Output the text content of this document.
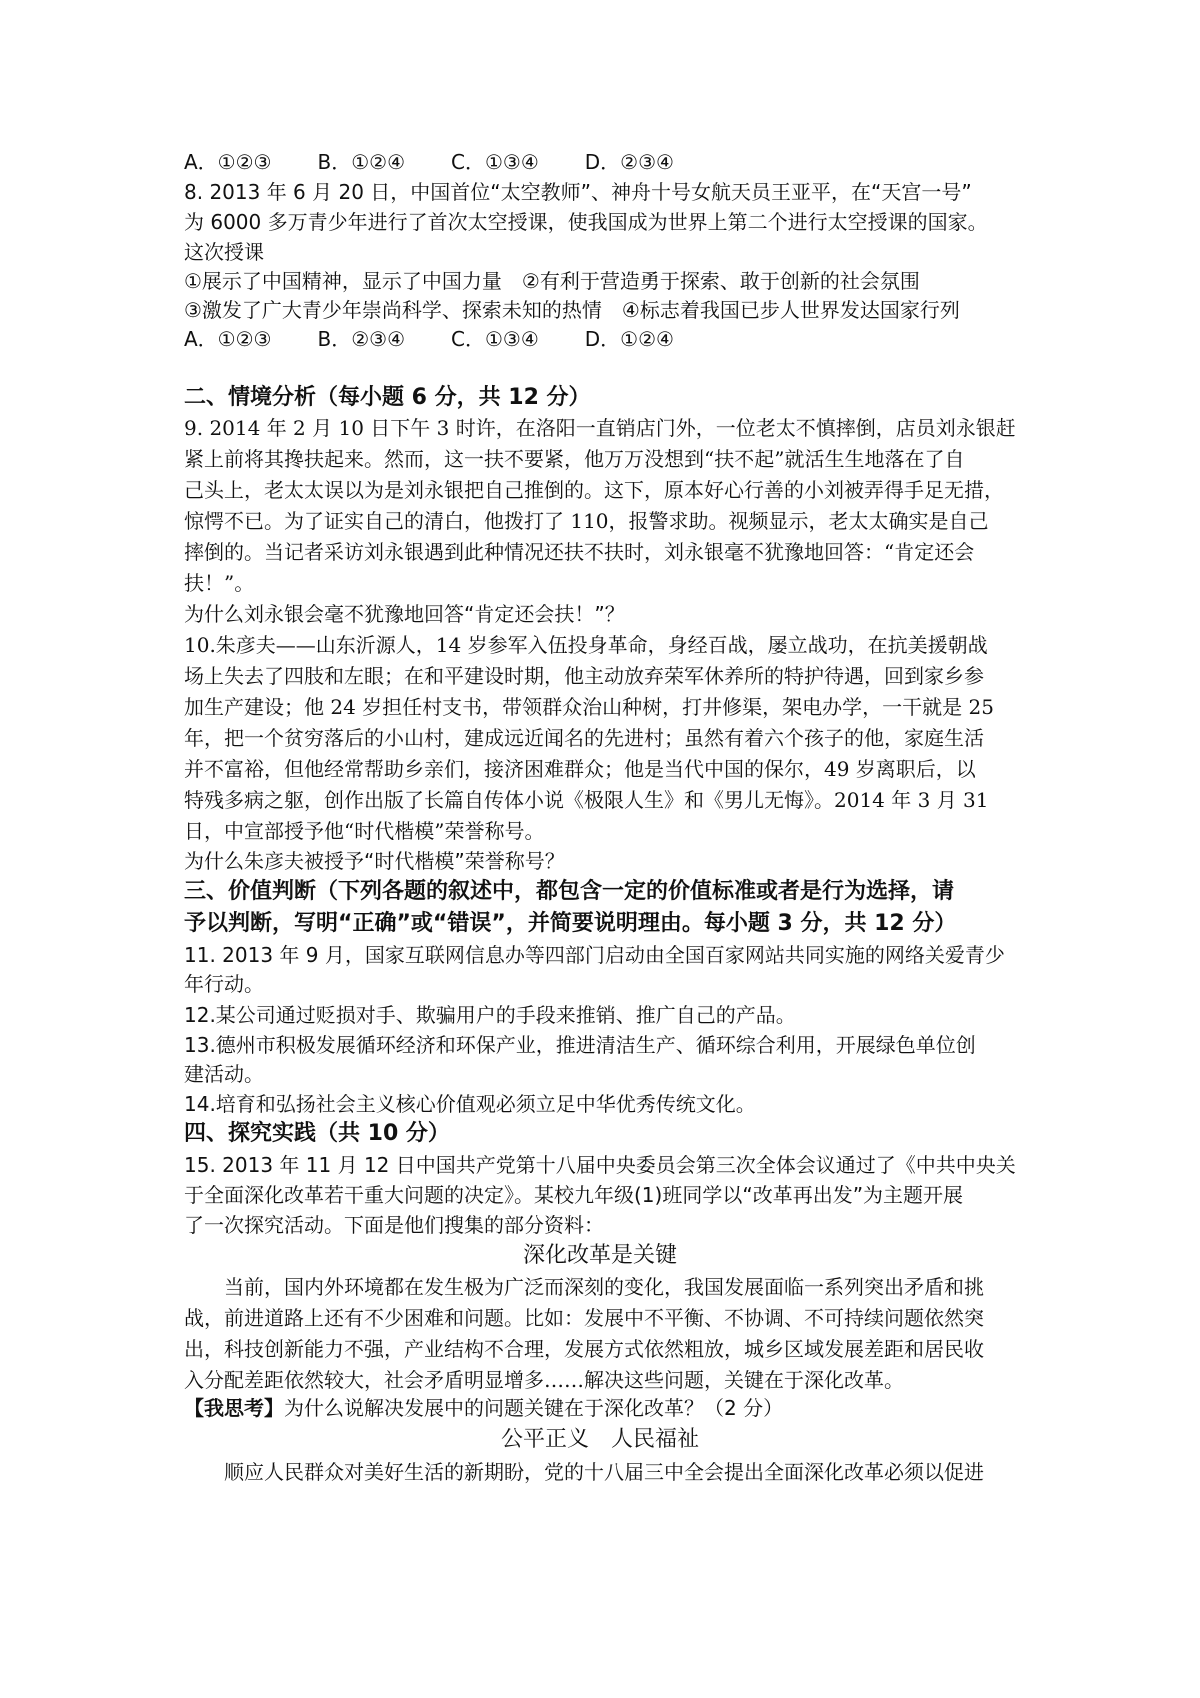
A．①②③ B．①②④ C．①③④ D．②③④
8. 2013 年 6 月 20 日，中国首位“太空教师”、神舟十号女航天员王亚平，在“天宫一号”
为 6000 多万青少年进行了首次太空授课，使我国成为世界上第二个进行太空授课的国家。
这次授课
①展示了中国精神，显示了中国力量　②有利于营造勇于探索、敢于创新的社会氛围
③激发了广大青少年崇尚科学、探索未知的热情　④标志着我国已步人世界发达国家行列
A．①②③ B．②③④ C．①③④ D．①②④
二、情境分析（每小题 6 分，共 12 分）
9. 2014 年 2 月 10 日下午 3 时许，在洛阳一直销店门外，一位老太不慎摔倒，店员刘永银赶
紧上前将其搀扶起来。然而，这一扶不要紧，他万万没想到“扶不起”就活生生地落在了自
己头上，老太太误以为是刘永银把自己推倒的。这下，原本好心行善的小刘被弄得手足无措，
惊愕不已。为了证实自己的清白，他拨打了 110，报警求助。视频显示，老太太确实是自己
摔倒的。当记者采访刘永银遇到此种情况还扶不扶时，刘永银毫不犹豫地回答：“肯定还会
扶！”。
为什么刘永银会毫不犹豫地回答“肯定还会扶！”？
10.朱彦夫——山东沂源人，14 岁参军入伍投身革命，身经百战，屡立战功，在抗美援朝战
场上失去了四肢和左眼；在和平建设时期，他主动放弃荣军休养所的特护待遇，回到家乡参
加生产建设；他 24 岁担任村支书，带领群众治山种树，打井修渠，架电办学，一干就是 25
年，把一个贫穷落后的小山村，建成远近闻名的先进村；虽然有着六个孩子的他，家庭生活
并不富裕，但他经常帮助乡亲们，接济困难群众；他是当代中国的保尔，49 岁离职后，以
特残多病之躯，创作出版了长篇自传体小说《极限人生》和《男儿无悔》。2014 年 3 月 31
日，中宣部授予他“时代楷模”荣誉称号。
为什么朱彦夫被授予“时代楷模”荣誉称号？
三、价值判断（下列各题的叙述中，都包含一定的价值标准或者是行为选择，请
予以判断，写明“正确”或“错误”，并简要说明理由。每小题 3 分，共 12 分）
11. 2013 年 9 月，国家互联网信息办等四部门启动由全国百家网站共同实施的网络关爱青少
年行动。
12.某公司通过贬损对手、欺骗用户的手段来推销、推广自己的产品。
13.德州市积极发展循环经济和环保产业，推进清洁生产、循环综合利用，开展绿色单位创
建活动。
14.培育和弘扬社会主义核心价值观必须立足中华优秀传统文化。
四、探究实践（共 10 分）
15. 2013 年 11 月 12 日中国共产党第十八届中央委员会第三次全体会议通过了《中共中央关
于全面深化改革若干重大问题的决定》。某校九年级(1)班同学以“改革再出发”为主题开展
了一次探究活动。下面是他们搜集的部分资料：
深化改革是关键
当前，国内外环境都在发生极为广泛而深刻的变化，我国发展面临一系列突出矛盾和挑
战，前进道路上还有不少困难和问题。比如：发展中不平衡、不协调、不可持续问题依然突
出，科技创新能力不强，产业结构不合理，发展方式依然粗放，城乡区域发展差距和居民收
入分配差距依然较大，社会矛盾明显增多……解决这些问题，关键在于深化改革。
【我思考】为什么说解决发展中的问题关键在于深化改革？（2 分）
公平正义　人民福祉
顺应人民群众对美好生活的新期盼，党的十八届三中全会提出全面深化改革必须以促进
